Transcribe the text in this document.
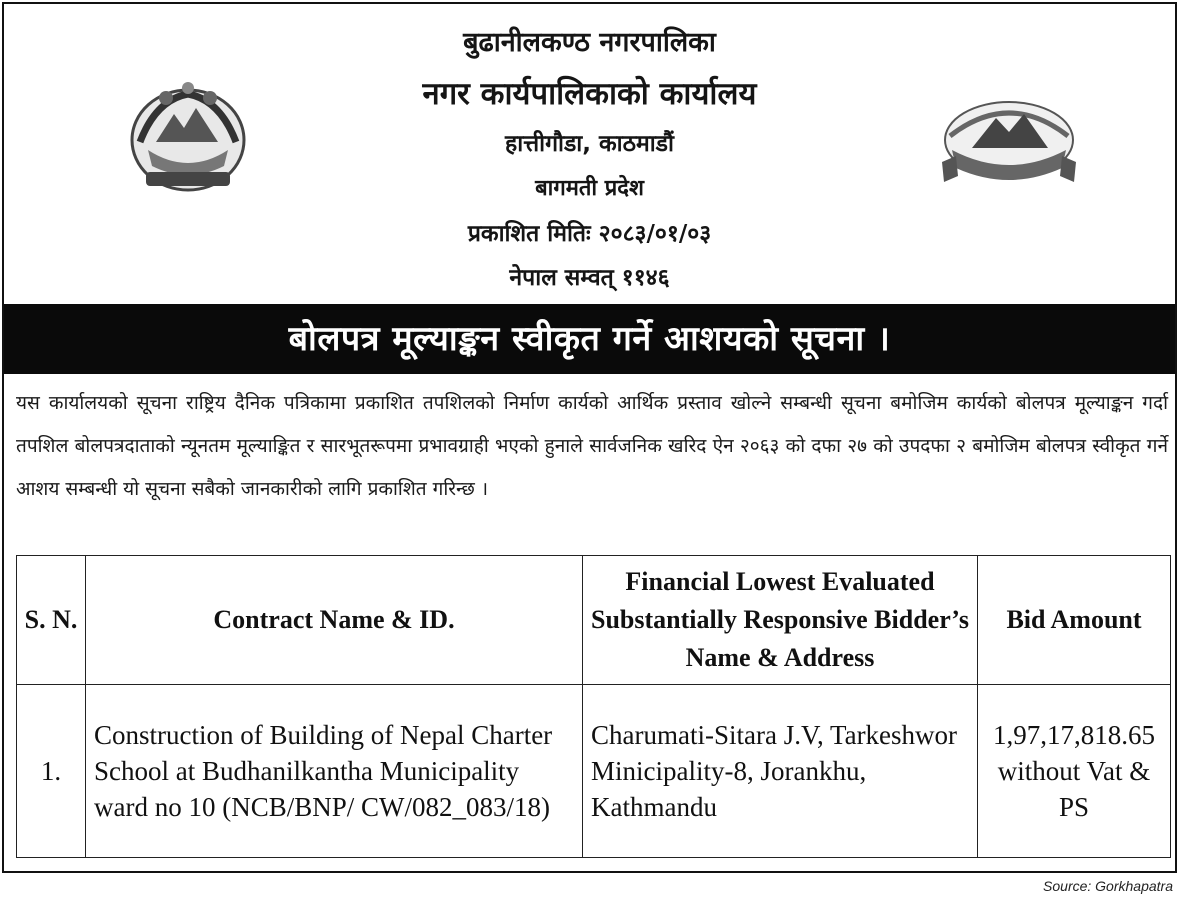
बुढानीलकण्ठ नगरपालिका
नगर कार्यपालिकाको कार्यालय
हात्तीगौडा, काठमाडौं
बागमती प्रदेश
प्रकाशित मितिः २०८३/०१/०३
नेपाल सम्वत् ११४६
बोलपत्र मूल्याङ्कन स्वीकृत गर्ने आशयको सूचना ।
यस कार्यालयको सूचना राष्ट्रिय दैनिक पत्रिकामा प्रकाशित तपशिलको निर्माण कार्यको आर्थिक प्रस्ताव खोल्ने सम्बन्धी सूचना बमोजिम कार्यको बोलपत्र मूल्याङ्कन गर्दा तपशिल बोलपत्रदाताको न्यूनतम मूल्याङ्कित र सारभूतरूपमा प्रभावग्राही भएको हुनाले सार्वजनिक खरिद ऐन २०६३ को दफा २७ को उपदफा २ बमोजिम बोलपत्र स्वीकृत गर्ने आशय सम्बन्धी यो सूचना सबैको जानकारीको लागि प्रकाशित गरिन्छ ।
S. N.	Contract Name & ID.	Financial Lowest Evaluated Substantially Responsive Bidder’s Name & Address	Bid Amount
1.	Construction of Building of Nepal Charter School at Budhanilkantha Municipality ward no 10 (NCB/BNP/ CW/082_083/18)	Charumati-Sitara J.V, Tarkeshwor Minicipality-8, Jorankhu, Kathmandu	1,97,17,818.65 without Vat & PS
Source: Gorkhapatra
